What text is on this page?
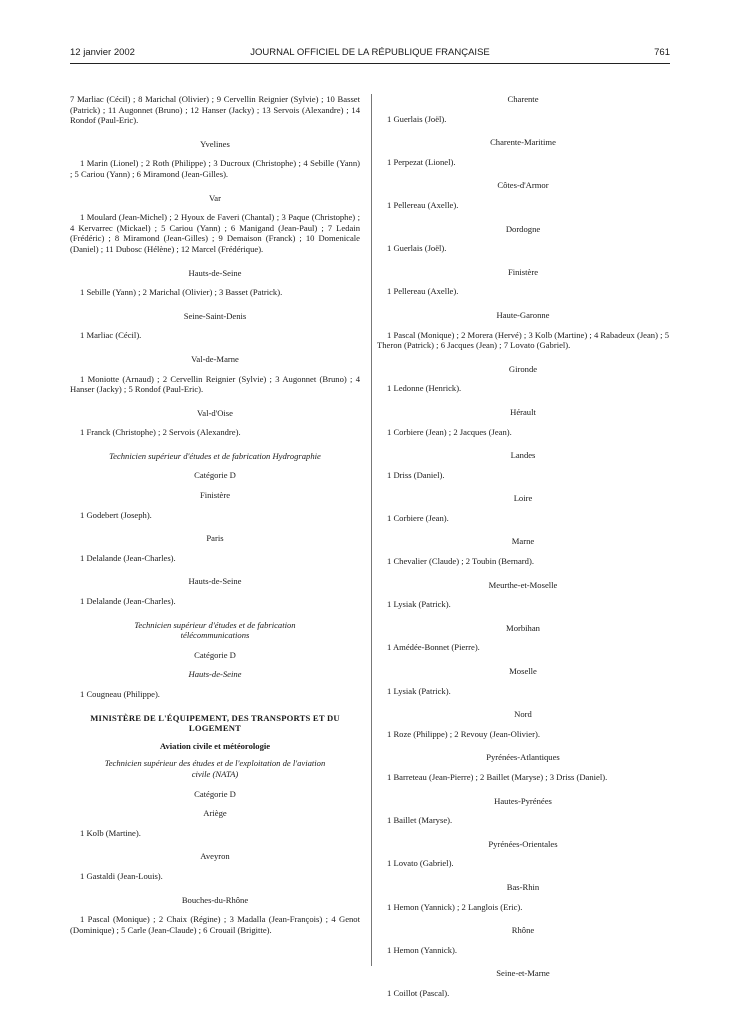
12 janvier 2002	JOURNAL OFFICIEL DE LA RÉPUBLIQUE FRANÇAISE	761

7 Marliac (Cécil) ; 8 Marichal (Olivier) ; 9 Cervellin Reignier (Sylvie) ; 10 Basset (Patrick) ; 11 Augonnet (Bruno) ; 12 Hanser (Jacky) ; 13 Servois (Alexandre) ; 14 Rondof (Paul-Eric).

Yvelines

1 Marin (Lionel) ; 2 Roth (Philippe) ; 3 Ducroux (Christophe) ; 4 Sebille (Yann) ; 5 Cariou (Yann) ; 6 Miramond (Jean-Gilles).

Var

1 Moulard (Jean-Michel) ; 2 Hyoux de Faveri (Chantal) ; 3 Paque (Christophe) ; 4 Kervarrec (Mickael) ; 5 Cariou (Yann) ; 6 Manigand (Jean-Paul) ; 7 Ledain (Frédéric) ; 8 Miramond (Jean-Gilles) ; 9 Demaison (Franck) ; 10 Domenicale (Daniel) ; 11 Dubosc (Hélène) ; 12 Marcel (Frédérique).

Hauts-de-Seine

1 Sebille (Yann) ; 2 Marichal (Olivier) ; 3 Basset (Patrick).

Seine-Saint-Denis

1 Marliac (Cécil).

Val-de-Marne

1 Moniotte (Arnaud) ; 2 Cervellin Reignier (Sylvie) ; 3 Augonnet (Bruno) ; 4 Hanser (Jacky) ; 5 Rondof (Paul-Eric).

Val-d'Oise

1 Franck (Christophe) ; 2 Servois (Alexandre).

Technicien supérieur d'études et de fabrication Hydrographie

Catégorie D

Finistère

1 Godebert (Joseph).

Paris

1 Delalande (Jean-Charles).

Hauts-de-Seine

1 Delalande (Jean-Charles).

Technicien supérieur d'études et de fabrication télécommunications

Catégorie D

Hauts-de-Seine

1 Cougneau (Philippe).

MINISTÈRE DE L'ÉQUIPEMENT, DES TRANSPORTS ET DU LOGEMENT

Aviation civile et météorologie

Technicien supérieur des études et de l'exploitation de l'aviation civile (NATA)

Catégorie D

Ariège

1 Kolb (Martine).

Aveyron

1 Gastaldi (Jean-Louis).

Bouches-du-Rhône

1 Pascal (Monique) ; 2 Chaix (Régine) ; 3 Madalla (Jean-François) ; 4 Genot (Dominique) ; 5 Carle (Jean-Claude) ; 6 Crouail (Brigitte).

Charente

1 Guerlais (Joël).

Charente-Maritime

1 Perpezat (Lionel).

Côtes-d'Armor

1 Pellereau (Axelle).

Dordogne

1 Guerlais (Joël).

Finistère

1 Pellereau (Axelle).

Haute-Garonne

1 Pascal (Monique) ; 2 Morera (Hervé) ; 3 Kolb (Martine) ; 4 Rabadeux (Jean) ; 5 Theron (Patrick) ; 6 Jacques (Jean) ; 7 Lovato (Gabriel).

Gironde

1 Ledonne (Henrick).

Hérault

1 Corbiere (Jean) ; 2 Jacques (Jean).

Landes

1 Driss (Daniel).

Loire

1 Corbiere (Jean).

Marne

1 Chevalier (Claude) ; 2 Toubin (Bernard).

Meurthe-et-Moselle

1 Lysiak (Patrick).

Morbihan

1 Amédée-Bonnet (Pierre).

Moselle

1 Lysiak (Patrick).

Nord

1 Roze (Philippe) ; 2 Revouy (Jean-Olivier).

Pyrénées-Atlantiques

1 Barreteau (Jean-Pierre) ; 2 Baillet (Maryse) ; 3 Driss (Daniel).

Hautes-Pyrénées

1 Baillet (Maryse).

Pyrénées-Orientales

1 Lovato (Gabriel).

Bas-Rhin

1 Hemon (Yannick) ; 2 Langlois (Eric).

Rhône

1 Hemon (Yannick).

Seine-et-Marne

1 Coillot (Pascal).
